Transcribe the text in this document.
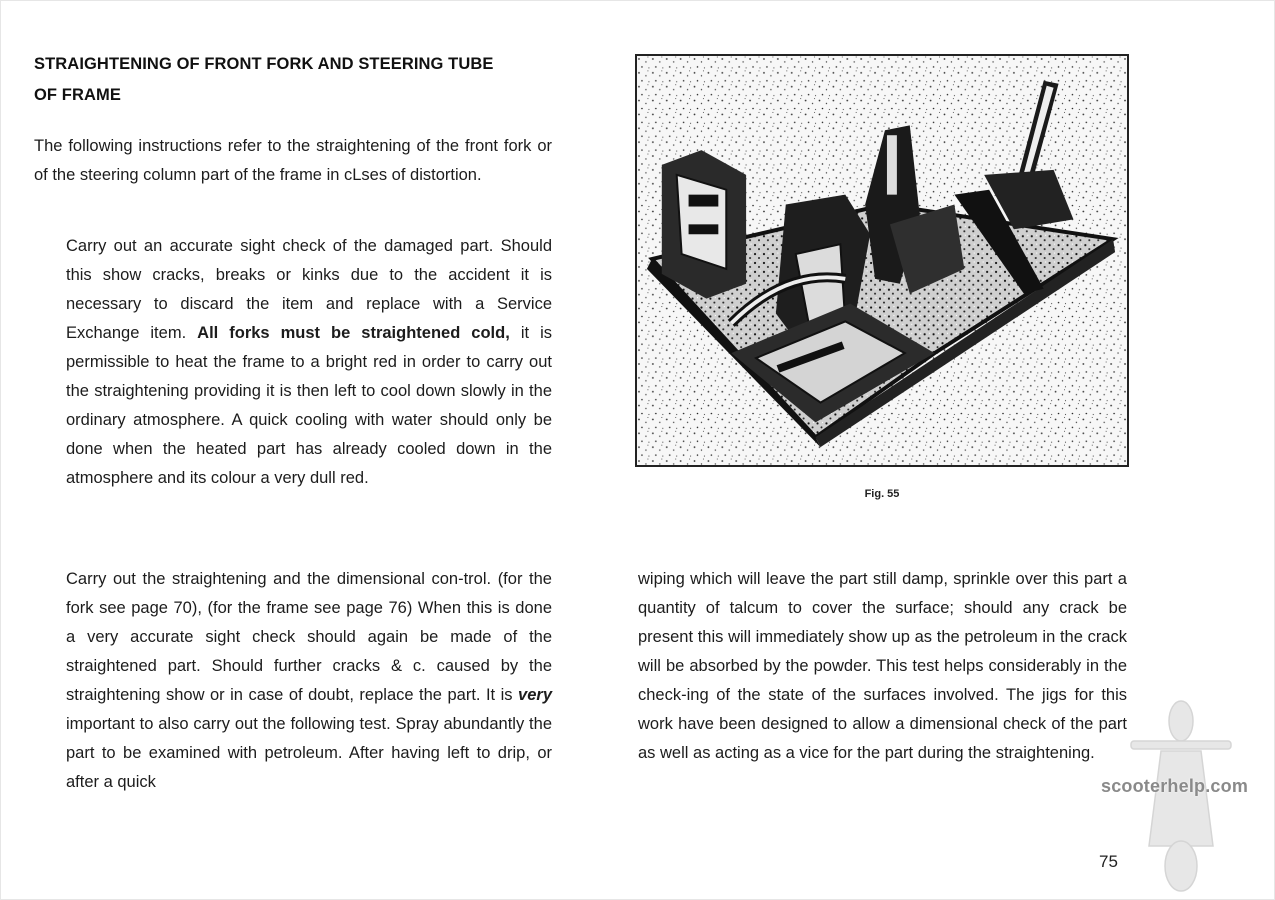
STRAIGHTENING OF FRONT FORK AND STEERING TUBE
OF FRAME

The following instructions refer to the straightening of the front fork or of the steering column part of the frame in cLses of distortion.

Carry out an accurate sight check of the damaged part. Should this show cracks, breaks or kinks due to the accident it is necessary to discard the item and replace with a Service Exchange item. All forks must be straightened cold, it is permissible to heat the frame to a bright red in order to carry out the straightening providing it is then left to cool down slowly in the ordinary atmosphere. A quick cooling with water should only be done when the heated part has already cooled down in the atmosphere and its colour a very dull red.

Carry out the straightening and the dimensional con-trol. (for the fork see page 70), (for the frame see page 76) When this is done a very accurate sight check should again be made of the straightened part. Should further cracks & c. caused by the straightening show or in case of doubt, replace the part. It is very important to also carry out the following test. Spray abundantly the part to be examined with petroleum. After having left to drip, or after a quick

Fig. 55

wiping which will leave the part still damp, sprinkle over this part a quantity of talcum to cover the surface; should any crack be present this will immediately show up as the petroleum in the crack will be absorbed by the powder. This test helps considerably in the check-ing of the state of the surfaces involved. The jigs for this work have been designed to allow a dimensional check of the part as well as acting as a vice for the part during the straightening.

75
scooterhelp.com
